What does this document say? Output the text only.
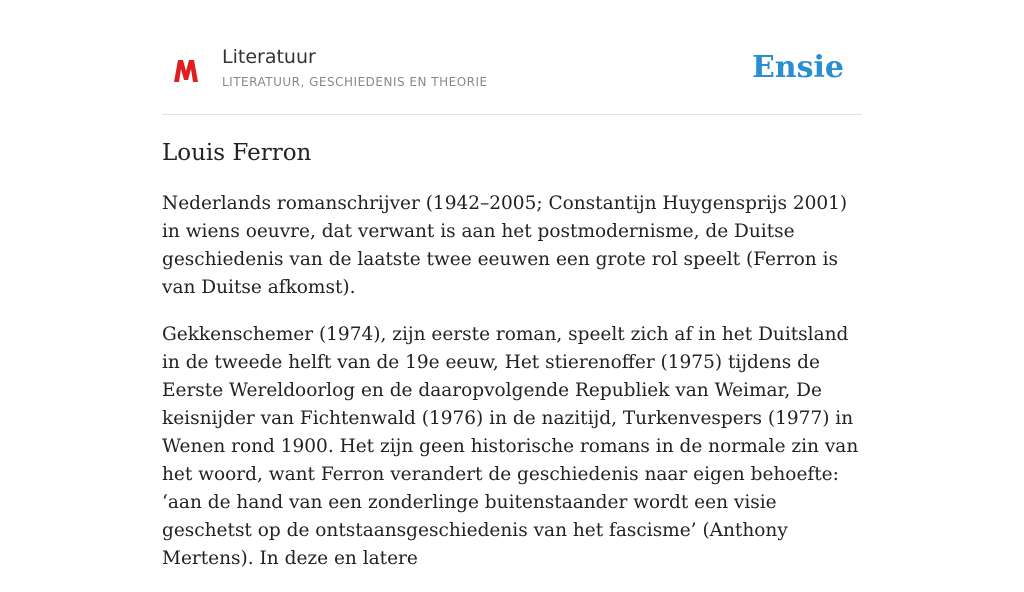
Literatuur
LITERATUUR, GESCHIEDENIS EN THEORIE	Ensie
Louis Ferron

Nederlands romanschrijver (1942–2005; Constantijn Huygensprijs 2001) in wiens oeuvre, dat verwant is aan het postmodernisme, de Duitse geschiedenis van de laatste twee eeuwen een grote rol speelt (Ferron is van Duitse afkomst).

Gekkenschemer (1974), zijn eerste roman, speelt zich af in het Duitsland in de tweede helft van de 19e eeuw, Het stierenoffer (1975) tijdens de Eerste Wereldoorlog en de daaropvolgende Republiek van Weimar, De keisnijder van Fichtenwald (1976) in de nazitijd, Turkenvespers (1977) in Wenen rond 1900. Het zijn geen historische romans in de normale zin van het woord, want Ferron verandert de geschiedenis naar eigen behoefte: ‘aan de hand van een zonderlinge buitenstaander wordt een visie geschetst op de ontstaansgeschiedenis van het fascisme’ (Anthony Mertens). In deze en latere
